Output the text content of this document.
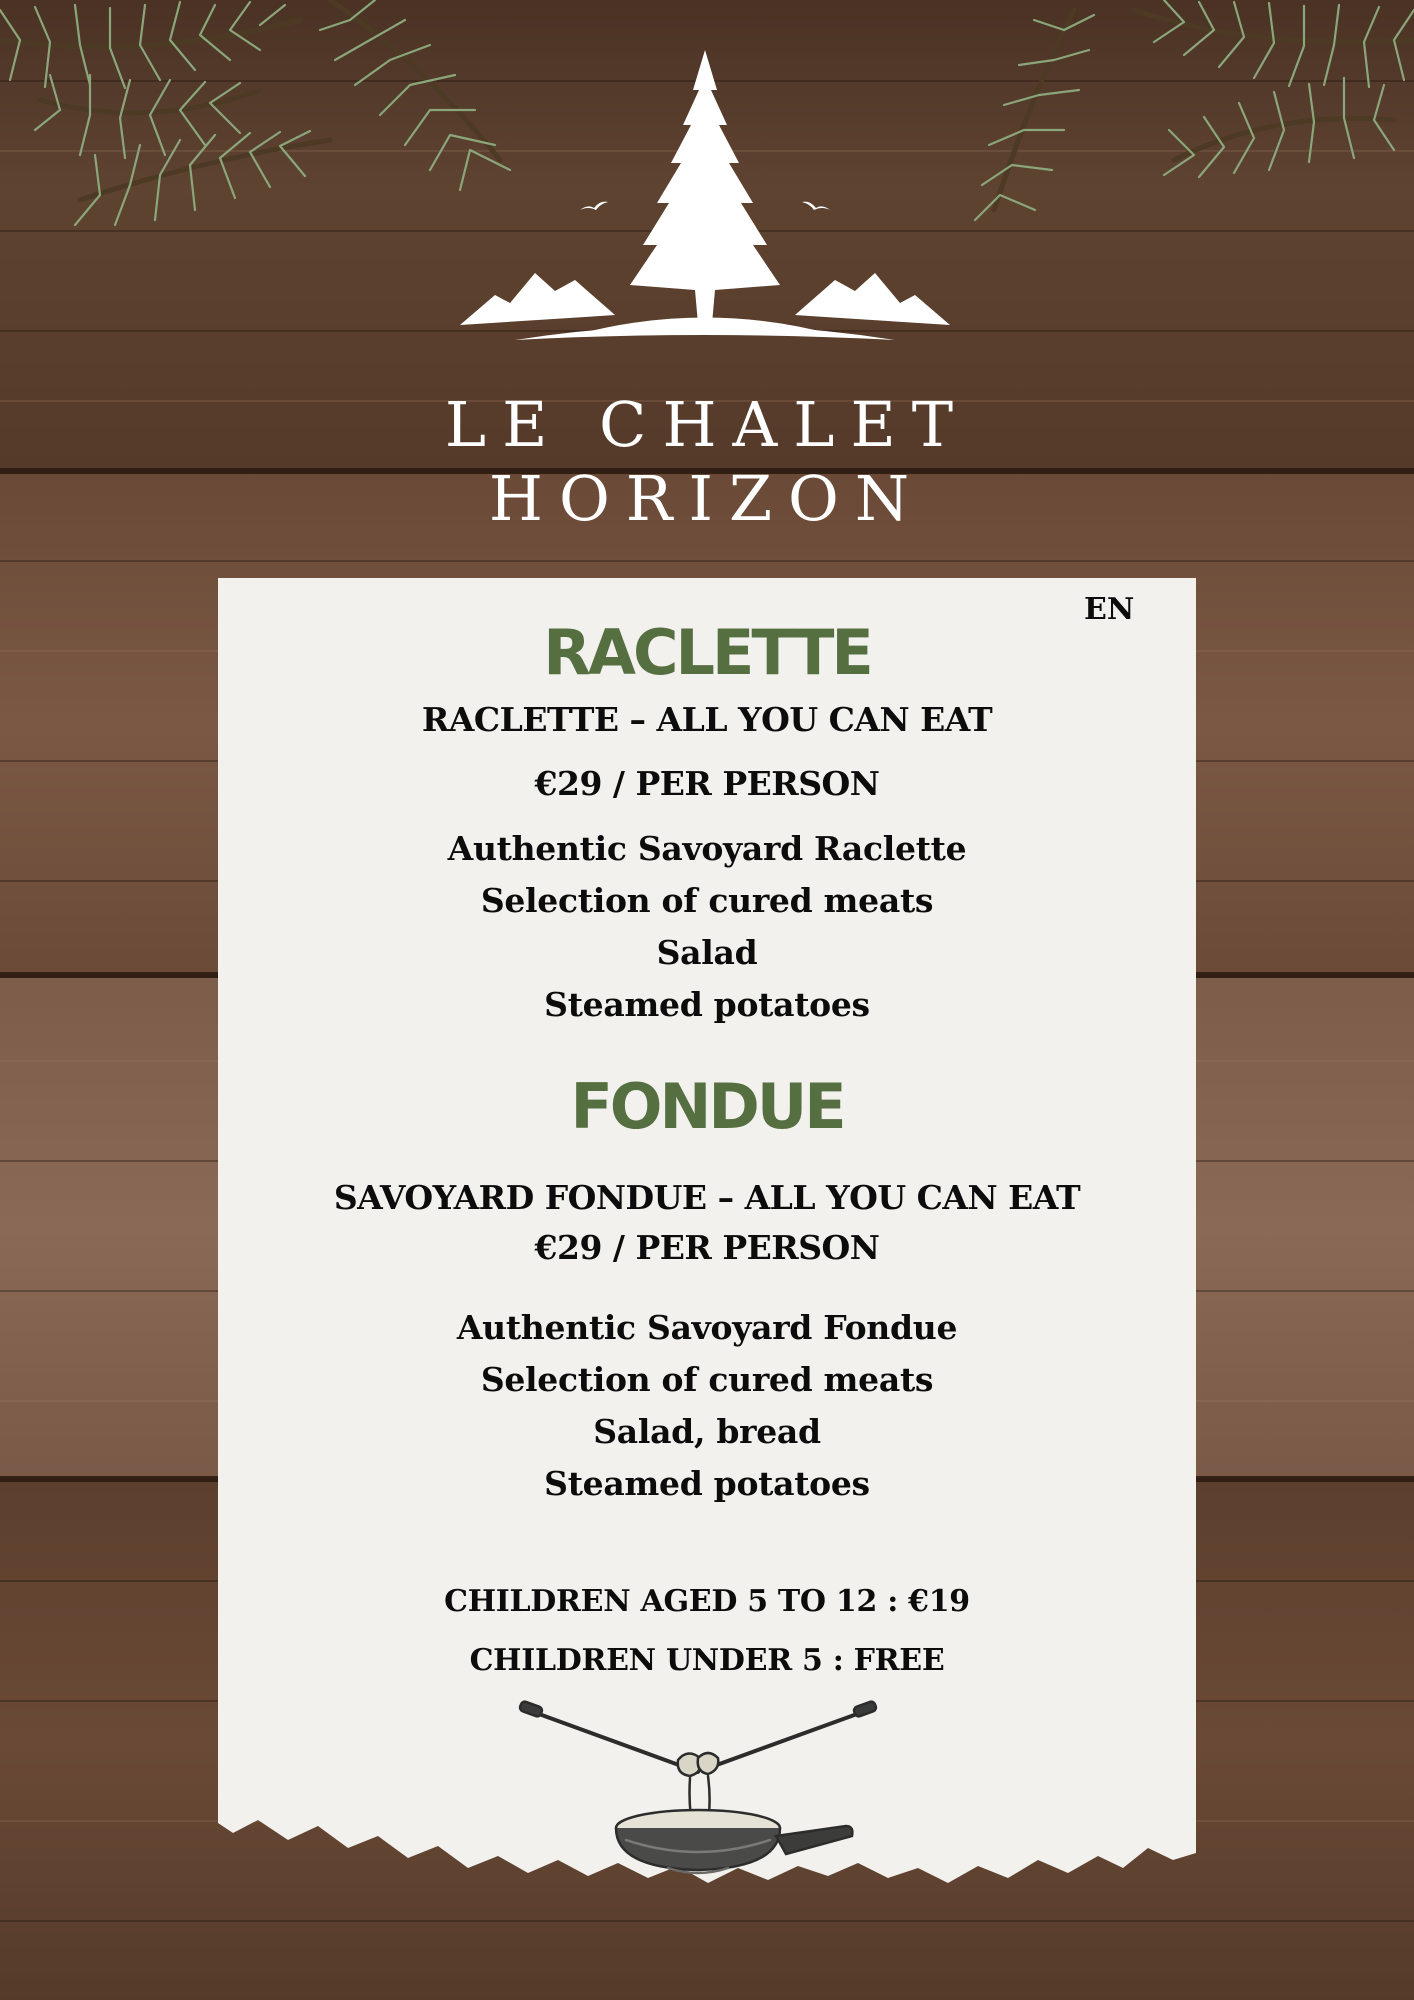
LE CHALET
HORIZON
EN
RACLETTE
RACLETTE – ALL YOU CAN EAT
€29 / PER PERSON
Authentic Savoyard Raclette
Selection of cured meats
Salad
Steamed potatoes
FONDUE
SAVOYARD FONDUE – ALL YOU CAN EAT
€29 / PER PERSON
Authentic Savoyard Fondue
Selection of cured meats
Salad, bread
Steamed potatoes
CHILDREN AGED 5 TO 12 : €19
CHILDREN UNDER 5 : FREE
